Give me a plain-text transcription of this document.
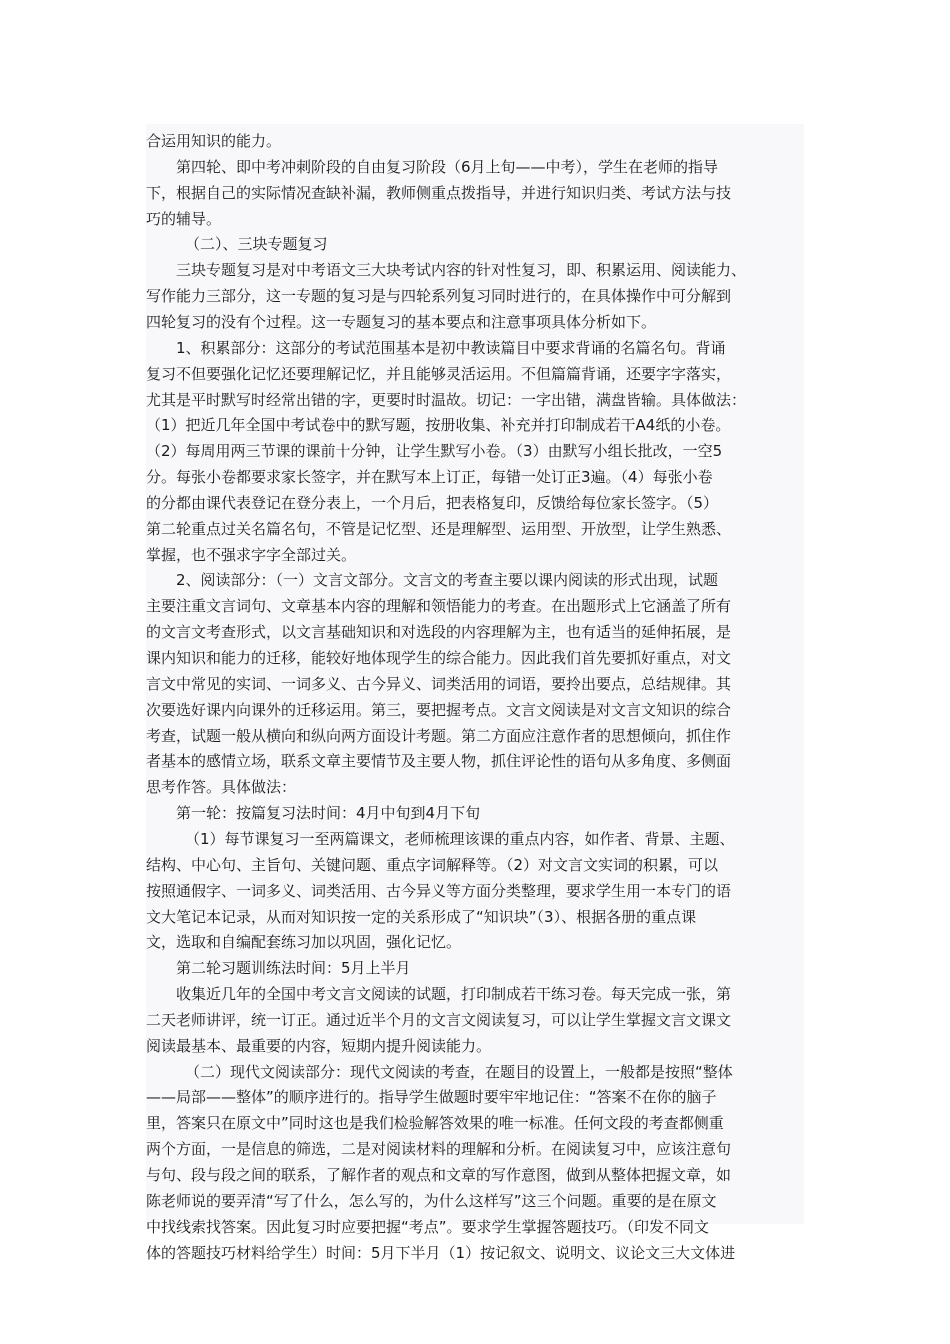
合运用知识的能力。
第四轮、即中考冲刺阶段的自由复习阶段（6月上旬——中考），学生在老师的指导
下，根据自己的实际情况查缺补漏，教师侧重点拨指导，并进行知识归类、考试方法与技
巧的辅导。
（二）、三块专题复习
三块专题复习是对中考语文三大块考试内容的针对性复习，即、积累运用、阅读能力、
写作能力三部分，这一专题的复习是与四轮系列复习同时进行的，在具体操作中可分解到
四轮复习的没有个过程。这一专题复习的基本要点和注意事项具体分析如下。
1、积累部分：这部分的考试范围基本是初中教读篇目中要求背诵的名篇名句。背诵
复习不但要强化记忆还要理解记忆，并且能够灵活运用。不但篇篇背诵，还要字字落实，
尤其是平时默写时经常出错的字，更要时时温故。切记：一字出错，满盘皆输。具体做法：
（1）把近几年全国中考试卷中的默写题，按册收集、补充并打印制成若干A4纸的小卷。
（2）每周用两三节课的课前十分钟，让学生默写小卷。（3）由默写小组长批改，一空5
分。每张小卷都要求家长签字，并在默写本上订正，每错一处订正3遍。（4）每张小卷
的分都由课代表登记在登分表上，一个月后，把表格复印，反馈给每位家长签字。（5）
第二轮重点过关名篇名句，不管是记忆型、还是理解型、运用型、开放型，让学生熟悉、
掌握，也不强求字字全部过关。
2、阅读部分：（一）文言文部分。文言文的考查主要以课内阅读的形式出现，试题
主要注重文言词句、文章基本内容的理解和领悟能力的考查。在出题形式上它涵盖了所有
的文言文考查形式，以文言基础知识和对选段的内容理解为主，也有适当的延伸拓展，是
课内知识和能力的迁移，能较好地体现学生的综合能力。因此我们首先要抓好重点，对文
言文中常见的实词、一词多义、古今异义、词类活用的词语，要拎出要点，总结规律。其
次要选好课内向课外的迁移运用。第三，要把握考点。文言文阅读是对文言文知识的综合
考查，试题一般从横向和纵向两方面设计考题。第二方面应注意作者的思想倾向，抓住作
者基本的感情立场，联系文章主要情节及主要人物，抓住评论性的语句从多角度、多侧面
思考作答。具体做法：
第一轮：按篇复习法时间：4月中旬到4月下旬
（1）每节课复习一至两篇课文，老师梳理该课的重点内容，如作者、背景、主题、
结构、中心句、主旨句、关键问题、重点字词解释等。（2）对文言文实词的积累，可以
按照通假字、一词多义、词类活用、古今异义等方面分类整理，要求学生用一本专门的语
文大笔记本记录，从而对知识按一定的关系形成了“知识块”（3）、根据各册的重点课
文，选取和自编配套练习加以巩固，强化记忆。
第二轮习题训练法时间：5月上半月
收集近几年的全国中考文言文阅读的试题，打印制成若干练习卷。每天完成一张，第
二天老师讲评，统一订正。通过近半个月的文言文阅读复习，可以让学生掌握文言文课文
阅读最基本、最重要的内容，短期内提升阅读能力。
（二）现代文阅读部分：现代文阅读的考查，在题目的设置上，一般都是按照“整体
——局部——整体”的顺序进行的。指导学生做题时要牢牢地记住：“答案不在你的脑子
里，答案只在原文中”同时这也是我们检验解答效果的唯一标准。任何文段的考查都侧重
两个方面，一是信息的筛选，二是对阅读材料的理解和分析。在阅读复习中，应该注意句
与句、段与段之间的联系，了解作者的观点和文章的写作意图，做到从整体把握文章，如
陈老师说的要弄清“写了什么，怎么写的，为什么这样写”这三个问题。重要的是在原文
中找线索找答案。因此复习时应要把握“考点”。要求学生掌握答题技巧。（印发不同文
体的答题技巧材料给学生）时间：5月下半月（1）按记叙文、说明文、议论文三大文体进
